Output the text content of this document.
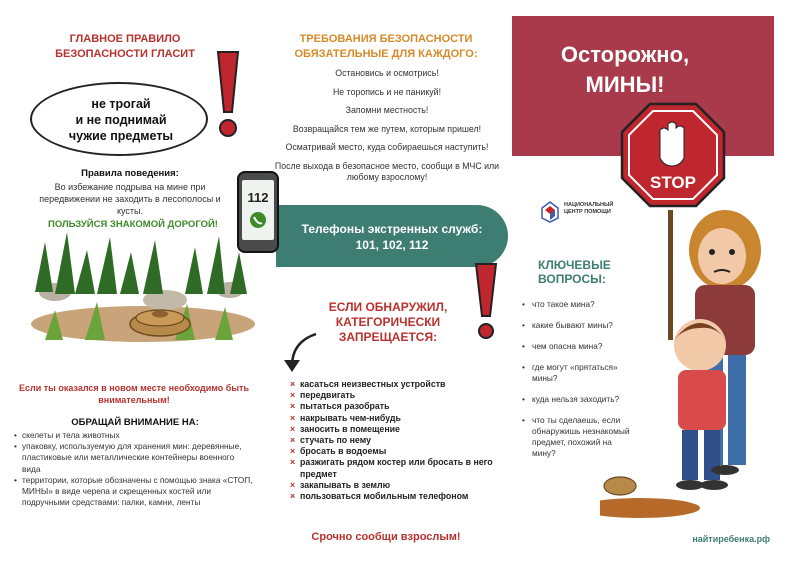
ГЛАВНОЕ ПРАВИЛО БЕЗОПАСНОСТИ ГЛАСИТ
не трогай
и не поднимай
чужие предметы
Правила поведения:
Во избежание подрыва на мине при передвижении не заходить в лесополосы и кусты.
ПОЛЬЗУЙСЯ ЗНАКОМОЙ ДОРОГОЙ!
Если ты оказался в новом месте необходимо быть внимательным!
ОБРАЩАЙ ВНИМАНИЕ НА:
• скелеты и тела животных
• упаковку, используемую для хранения мин: деревянные, пластиковые или металлические контейнеры военного вида
• территории, которые обозначены с помощью знака «СТОП, МИНЫ» в виде черепа и скрещенных костей или подручными средствами: палки, камни, ленты
ТРЕБОВАНИЯ БЕЗОПАСНОСТИ ОБЯЗАТЕЛЬНЫЕ ДЛЯ КАЖДОГО:
Остановись и осмотрись!
Не торопись и не паникуй!
Запомни местность!
Возвращайся тем же путем, которым пришел!
Осматривай место, куда собираешься наступить!
После выхода в безопасное место, сообщи в МЧС или любому взрослому!
Телефоны экстренных служб: 101, 102, 112
112
ЕСЛИ ОБНАРУЖИЛ, КАТЕГОРИЧЕСКИ ЗАПРЕЩАЕТСЯ:
× касаться неизвестных устройств
× передвигать
× пытаться разобрать
× накрывать чем-нибудь
× заносить в помещение
× стучать по нему
× бросать в водоемы
× разжигать рядом костер или бросать в него предмет
× закапывать в землю
× пользоваться мобильным телефоном
Срочно сообщи взрослым!
Осторожно,
МИНЫ!
STOP
НАЦИОНАЛЬНЫЙ
ЦЕНТР ПОМОЩИ
КЛЮЧЕВЫЕ
ВОПРОСЫ:
• что такое мина?
• какие бывают мины?
• чем опасна мина?
• где могут «прятаться» мины?
• куда нельзя заходить?
• что ты сделаешь, если обнаружишь незнакомый предмет, похожий на мину?
найтиребенка.рф
